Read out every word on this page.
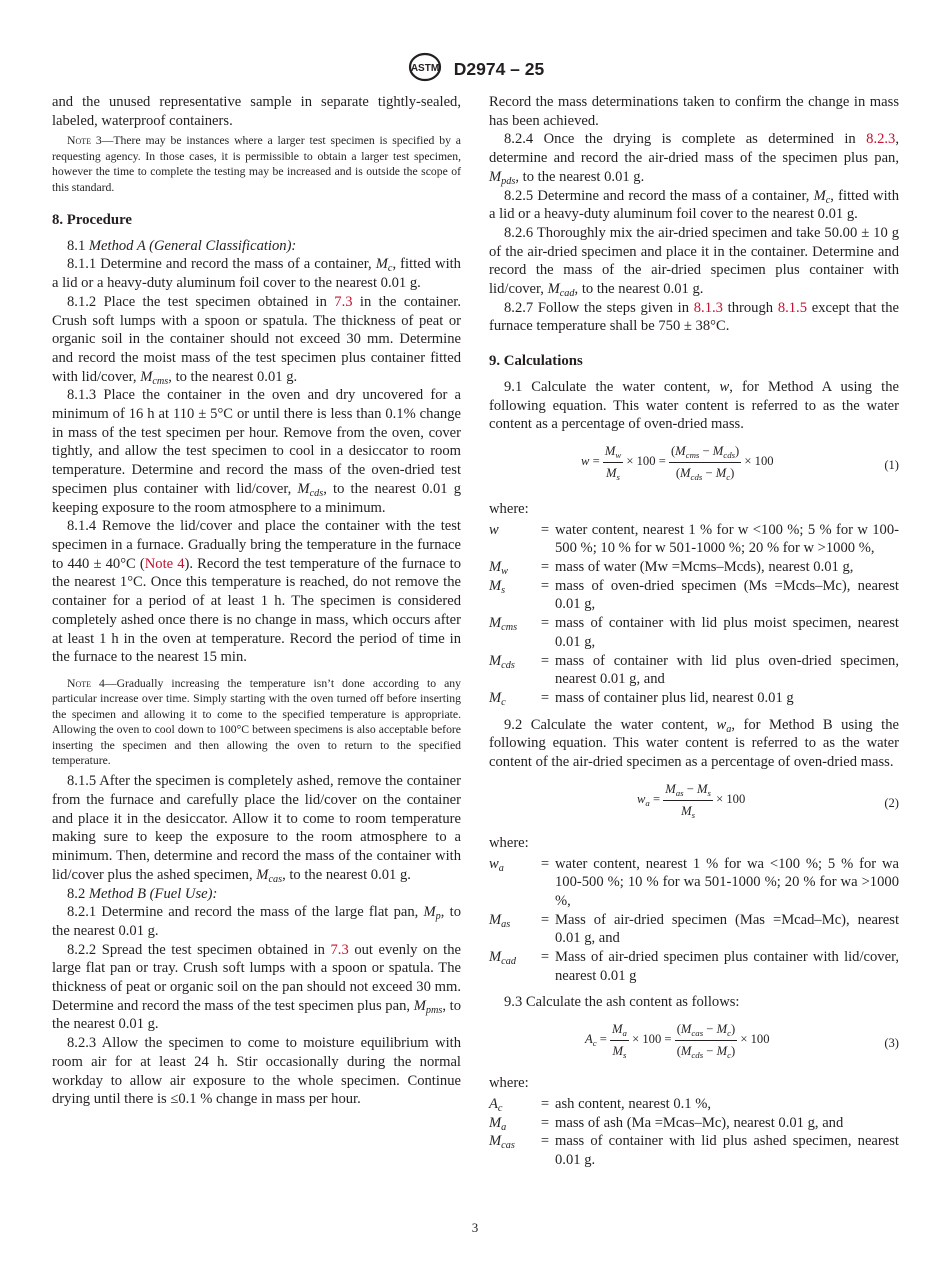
ASTM D2974 – 25

and the unused representative sample in separate tightly-sealed, labeled, waterproof containers.

Note 3—There may be instances where a larger test specimen is specified by a requesting agency. In those cases, it is permissible to obtain a larger test specimen, however the time to complete the testing may be increased and is outside the scope of this standard.

8. Procedure

8.1 Method A (General Classification):

8.1.1 Determine and record the mass of a container, $M_c$, fitted with a lid or a heavy-duty aluminum foil cover to the nearest 0.01 g.

8.1.2 Place the test specimen obtained in 7.3 in the container. Crush soft lumps with a spoon or spatula. The thickness of peat or organic soil in the container should not exceed 30 mm. Determine and record the moist mass of the test specimen plus container fitted with lid/cover, $M_{cms}$, to the nearest 0.01 g.

8.1.3 Place the container in the oven and dry uncovered for a minimum of 16 h at 110 ± 5°C or until there is less than 0.1% change in mass of the test specimen per hour. Remove from the oven, cover tightly, and allow the test specimen to cool in a desiccator to room temperature. Determine and record the mass of the oven-dried test specimen plus container with lid/cover, $M_{cds}$, to the nearest 0.01 g keeping exposure to the room atmosphere to a minimum.

8.1.4 Remove the lid/cover and place the container with the test specimen in a furnace. Gradually bring the temperature in the furnace to 440 ± 40°C (Note 4). Record the test temperature of the furnace to the nearest 1°C. Once this temperature is reached, do not remove the container for a period of at least 1 h. The specimen is considered completely ashed once there is no change in mass, which occurs after at least 1 h in the oven at temperature. Record the period of time in the furnace to the nearest 15 min.

Note 4—Gradually increasing the temperature isn’t done according to any particular increase over time. Simply starting with the oven turned off before inserting the specimen and allowing it to come to the specified temperature is appropriate. Allowing the oven to cool down to 100°C between specimens is also acceptable before inserting the specimen and then allowing the oven to return to the specified temperature.

8.1.5 After the specimen is completely ashed, remove the container from the furnace and carefully place the lid/cover on the container and place it in the desiccator. Allow it to come to room temperature making sure to keep the exposure to the room atmosphere to a minimum. Then, determine and record the mass of the container with lid/cover plus the ashed specimen, $M_{cas}$, to the nearest 0.01 g.

8.2 Method B (Fuel Use):

8.2.1 Determine and record the mass of the large flat pan, $M_p$, to the nearest 0.01 g.

8.2.2 Spread the test specimen obtained in 7.3 out evenly on the large flat pan or tray. Crush soft lumps with a spoon or spatula. The thickness of peat or organic soil on the pan should not exceed 30 mm. Determine and record the mass of the test specimen plus pan, $M_{pms}$, to the nearest 0.01 g.

8.2.3 Allow the specimen to come to moisture equilibrium with room air for at least 24 h. Stir occasionally during the normal workday to allow air exposure to the whole specimen. Continue drying until there is ≤0.1 % change in mass per hour.

Record the mass determinations taken to confirm the change in mass has been achieved.

8.2.4 Once the drying is complete as determined in 8.2.3, determine and record the air-dried mass of the specimen plus pan, $M_{pds}$, to the nearest 0.01 g.

8.2.5 Determine and record the mass of a container, $M_c$, fitted with a lid or a heavy-duty aluminum foil cover to the nearest 0.01 g.

8.2.6 Thoroughly mix the air-dried specimen and take 50.00 ± 10 g of the air-dried specimen and place it in the container. Determine and record the mass of the air-dried specimen plus container with lid/cover, $M_{cad}$, to the nearest 0.01 g.

8.2.7 Follow the steps given in 8.1.3 through 8.1.5 except that the furnace temperature shall be 750 ± 38°C.

9. Calculations

9.1 Calculate the water content, w, for Method A using the following equation. This water content is referred to as the water content as a percentage of oven-dried mass.

$w = \frac{M_w}{M_s} \times 100 = \frac{(M_{cms} - M_{cds})}{(M_{cds} - M_c)} \times 100$	(1)

where:

w	=	water content, nearest 1 % for w <100 %; 5 % for w 100-500 %; 10 % for w 501-1000 %; 20 % for w >1000 %,
$M_w$	=	mass of water (Mw =Mcms–Mcds), nearest 0.01 g,
$M_s$	=	mass of oven-dried specimen (Ms =Mcds–Mc), nearest 0.01 g,
$M_{cms}$	=	mass of container with lid plus moist specimen, nearest 0.01 g,
$M_{cds}$	=	mass of container with lid plus oven-dried specimen, nearest 0.01 g, and
$M_c$	=	mass of container plus lid, nearest 0.01 g

9.2 Calculate the water content, $w_a$, for Method B using the following equation. This water content is referred to as the water content of the air-dried specimen as a percentage of oven-dried mass.

$w_a = \frac{M_{as} - M_s}{M_s} \times 100$	(2)

where:

$w_a$	=	water content, nearest 1 % for wa <100 %; 5 % for wa 100-500 %; 10 % for wa 501-1000 %; 20 % for wa >1000 %,
$M_{as}$	=	Mass of air-dried specimen (Mas =Mcad–Mc), nearest 0.01 g, and
$M_{cad}$	=	Mass of air-dried specimen plus container with lid/cover, nearest 0.01 g

9.3 Calculate the ash content as follows:

$A_c = \frac{M_a}{M_s} \times 100 = \frac{(M_{cas} - M_c)}{(M_{cds} - M_c)} \times 100$	(3)

where:

$A_c$	=	ash content, nearest 0.1 %,
$M_a$	=	mass of ash (Ma =Mcas–Mc), nearest 0.01 g, and
$M_{cas}$	=	mass of container with lid plus ashed specimen, nearest 0.01 g.
3
